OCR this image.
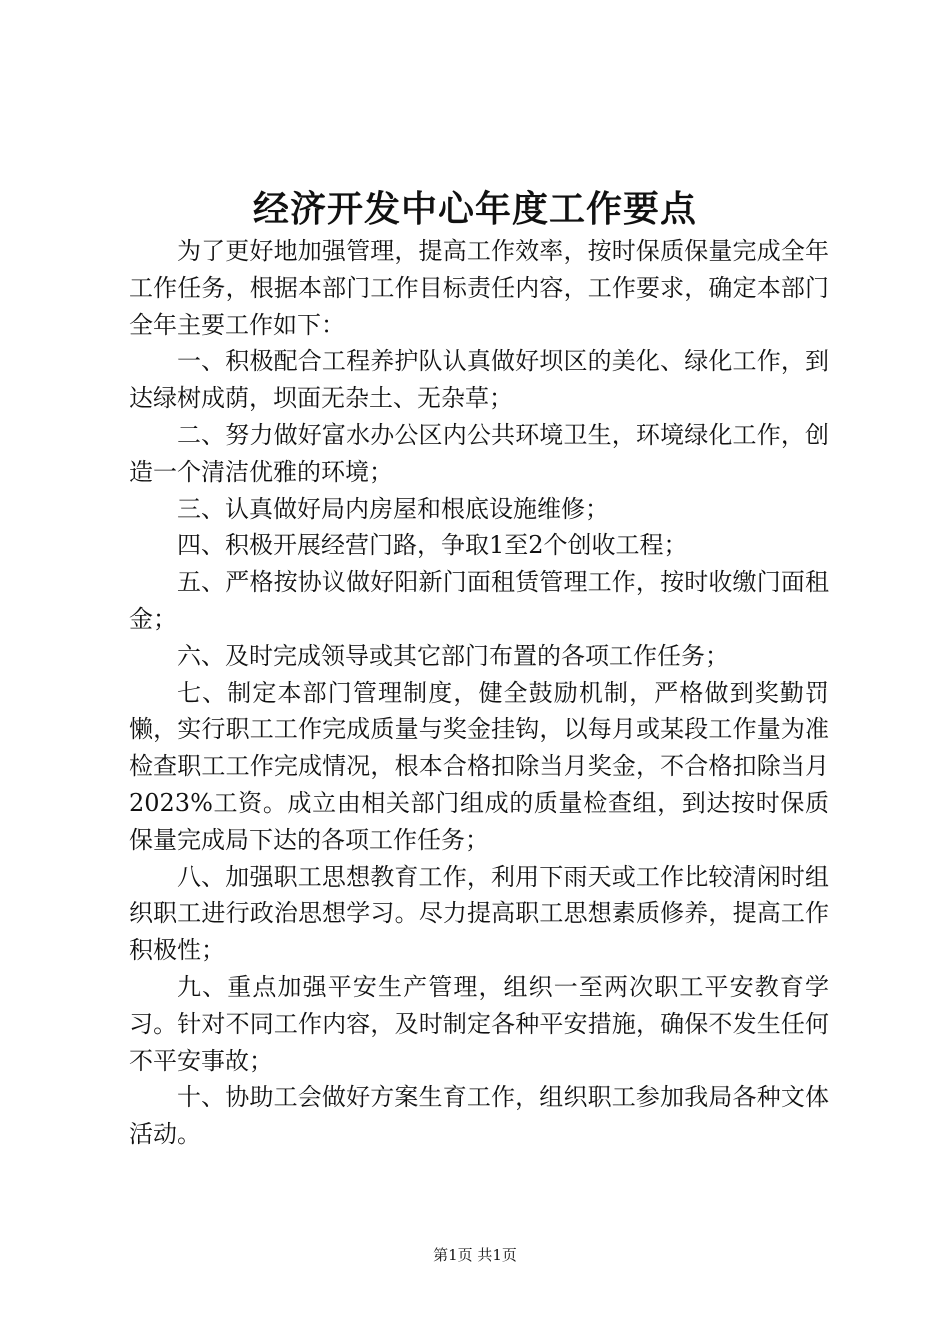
经济开发中心年度工作要点

为了更好地加强管理，提高工作效率，按时保质保量完成全年工作任务，根据本部门工作目标责任内容，工作要求，确定本部门全年主要工作如下：

一、积极配合工程养护队认真做好坝区的美化、绿化工作，到达绿树成荫，坝面无杂土、无杂草；

二、努力做好富水办公区内公共环境卫生，环境绿化工作，创造一个清洁优雅的环境；

三、认真做好局内房屋和根底设施维修；

四、积极开展经营门路，争取1至2个创收工程；

五、严格按协议做好阳新门面租赁管理工作，按时收缴门面租金；

六、及时完成领导或其它部门布置的各项工作任务；

七、制定本部门管理制度，健全鼓励机制，严格做到奖勤罚懒，实行职工工作完成质量与奖金挂钩，以每月或某段工作量为准检查职工工作完成情况，根本合格扣除当月奖金，不合格扣除当月2023%工资。成立由相关部门组成的质量检查组，到达按时保质保量完成局下达的各项工作任务；

八、加强职工思想教育工作，利用下雨天或工作比较清闲时组织职工进行政治思想学习。尽力提高职工思想素质修养，提高工作积极性；

九、重点加强平安生产管理，组织一至两次职工平安教育学习。针对不同工作内容，及时制定各种平安措施，确保不发生任何不平安事故；

十、协助工会做好方案生育工作，组织职工参加我局各种文体活动。

第1页 共1页
